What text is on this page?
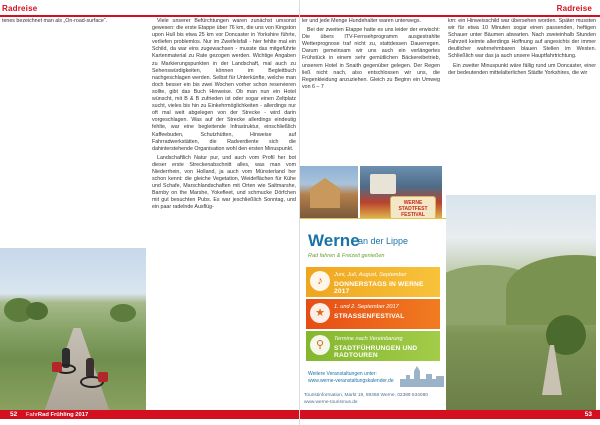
Radreise

tenes bezeichnet man als „On-road-surface“.	Viele unserer Befürchtungen waren zunächst umsonst gewesen: die erste Etappe über 76 km, die uns von Kingston upon Hull bis etwa 25 km vor Doncaster in Yorkshire führte, verliefen problemlos. Nur im Zweifelsfall - hier fehlte mal ein Schild, da war eins zugewachsen - musste das mitgeführte Kartenmaterial zu Rate gezogen werden. Wichtige Angaben zu Markierungspunkten in der Landschaft, mal auch zu Sehenswürdigkeiten, können im Begleitbuch nachgeschlagen werden. Selbst für Unterkünfte, welche man doch besser ein bis zwei Wochen vorher schon reservieren sollte, gibt das Buch Hinweise. Ob man nun ein Hotel wünscht, mit B & B zufrieden ist oder sogar einen Zeltplatz sucht, vieles bis hin zu Einkehrmöglichkeiten - allerdings nur oft mal weit abgelegen von der Strecke - wird darin vorgeschlagen. Was auf der Strecke allerdings eindeutig fehlte, war eine begleitende Infrastruktur, einschließlich Kaffeebuden, Schutzhütten, Hinweise auf Fahrradwerkstätten, die Radverdiente sich die dahinterstehende Organisation wohl den ersten Minuspunkt.

Landschaftlich Natur pur, und auch vom Profil her bot dieser erste Streckenabschnitt alles, was man vom Niederrhein, von Holland, ja auch vom Münsterland her schon kennt: die gleiche Vegetation, Weideflächen für Kühe und Schafe, Marschlandschaften mit Orten wie Saltmarshe, Barnby on the Marshe, Yokefleet, und schmucke Dörfchen mit gut besuchten Pubs. Es war jeschließlich Sonntag, und ein paar radelnde Ausflüg-

52 FahrRad Frühling 2017
Radreise

ler und jede Menge Hundehalter waren unterwegs.

Bei der zweiten Etappe hatte es uns leider der erwischt: Die übers ITV-Fernsehprogramm ausgestrahlte Wetterprognose traf nicht zu, stattdessen Dauerregen. Darum gemeinsam wir uns auch ein verlängertes Frühstück in einem sehr gemütlichen Bäckereibetrieb, unserem Hotel in Snaith gegenüber gelegen. Der Regen ließ nicht nach, also entschlossen wir uns, die Regenkleidung anzuziehen. Gleich zu Beginn ein Umweg von 6 – 7

km: ein Hinweisschild war übersehen worden. Später mussten wir für etwa 10 Minuten sogar einen passenden, heftigen Schauer unter Bäumen abwarten. Nach zweieinhalb Stunden Fahrzeit keimte allerdings Hoffnung auf angesichts der immer deutlicher wahrnehmbaren blauen Stellen im Westen. Schließlich war das ja auch unsere Hauptfahrtrichtung.

Ein zweiter Minuspunkt wäre fällig rund um Doncaster, einer der bedeutenden mittelalterlichen Städte Yorkshires, die wir

WERNE STADTFEST FESTIVAL
Werne
an der Lippe
Rad fahren & Freizeit genießen
♪	Juni, Juli, August, September
DONNERSTAGS IN WERNE 2017
★	1. und 2. September 2017
STRASSENFESTIVAL
⚲	Termine nach Vereinbarung
STADTFÜHRUNGEN UND RADTOUREN
Weitere Veranstaltungen unter:
www.werne-veranstaltungskalender.de
Touristinformation, Markt 19, 59368 Werne, 02389 534080
www.werne-tourismus.de
53
